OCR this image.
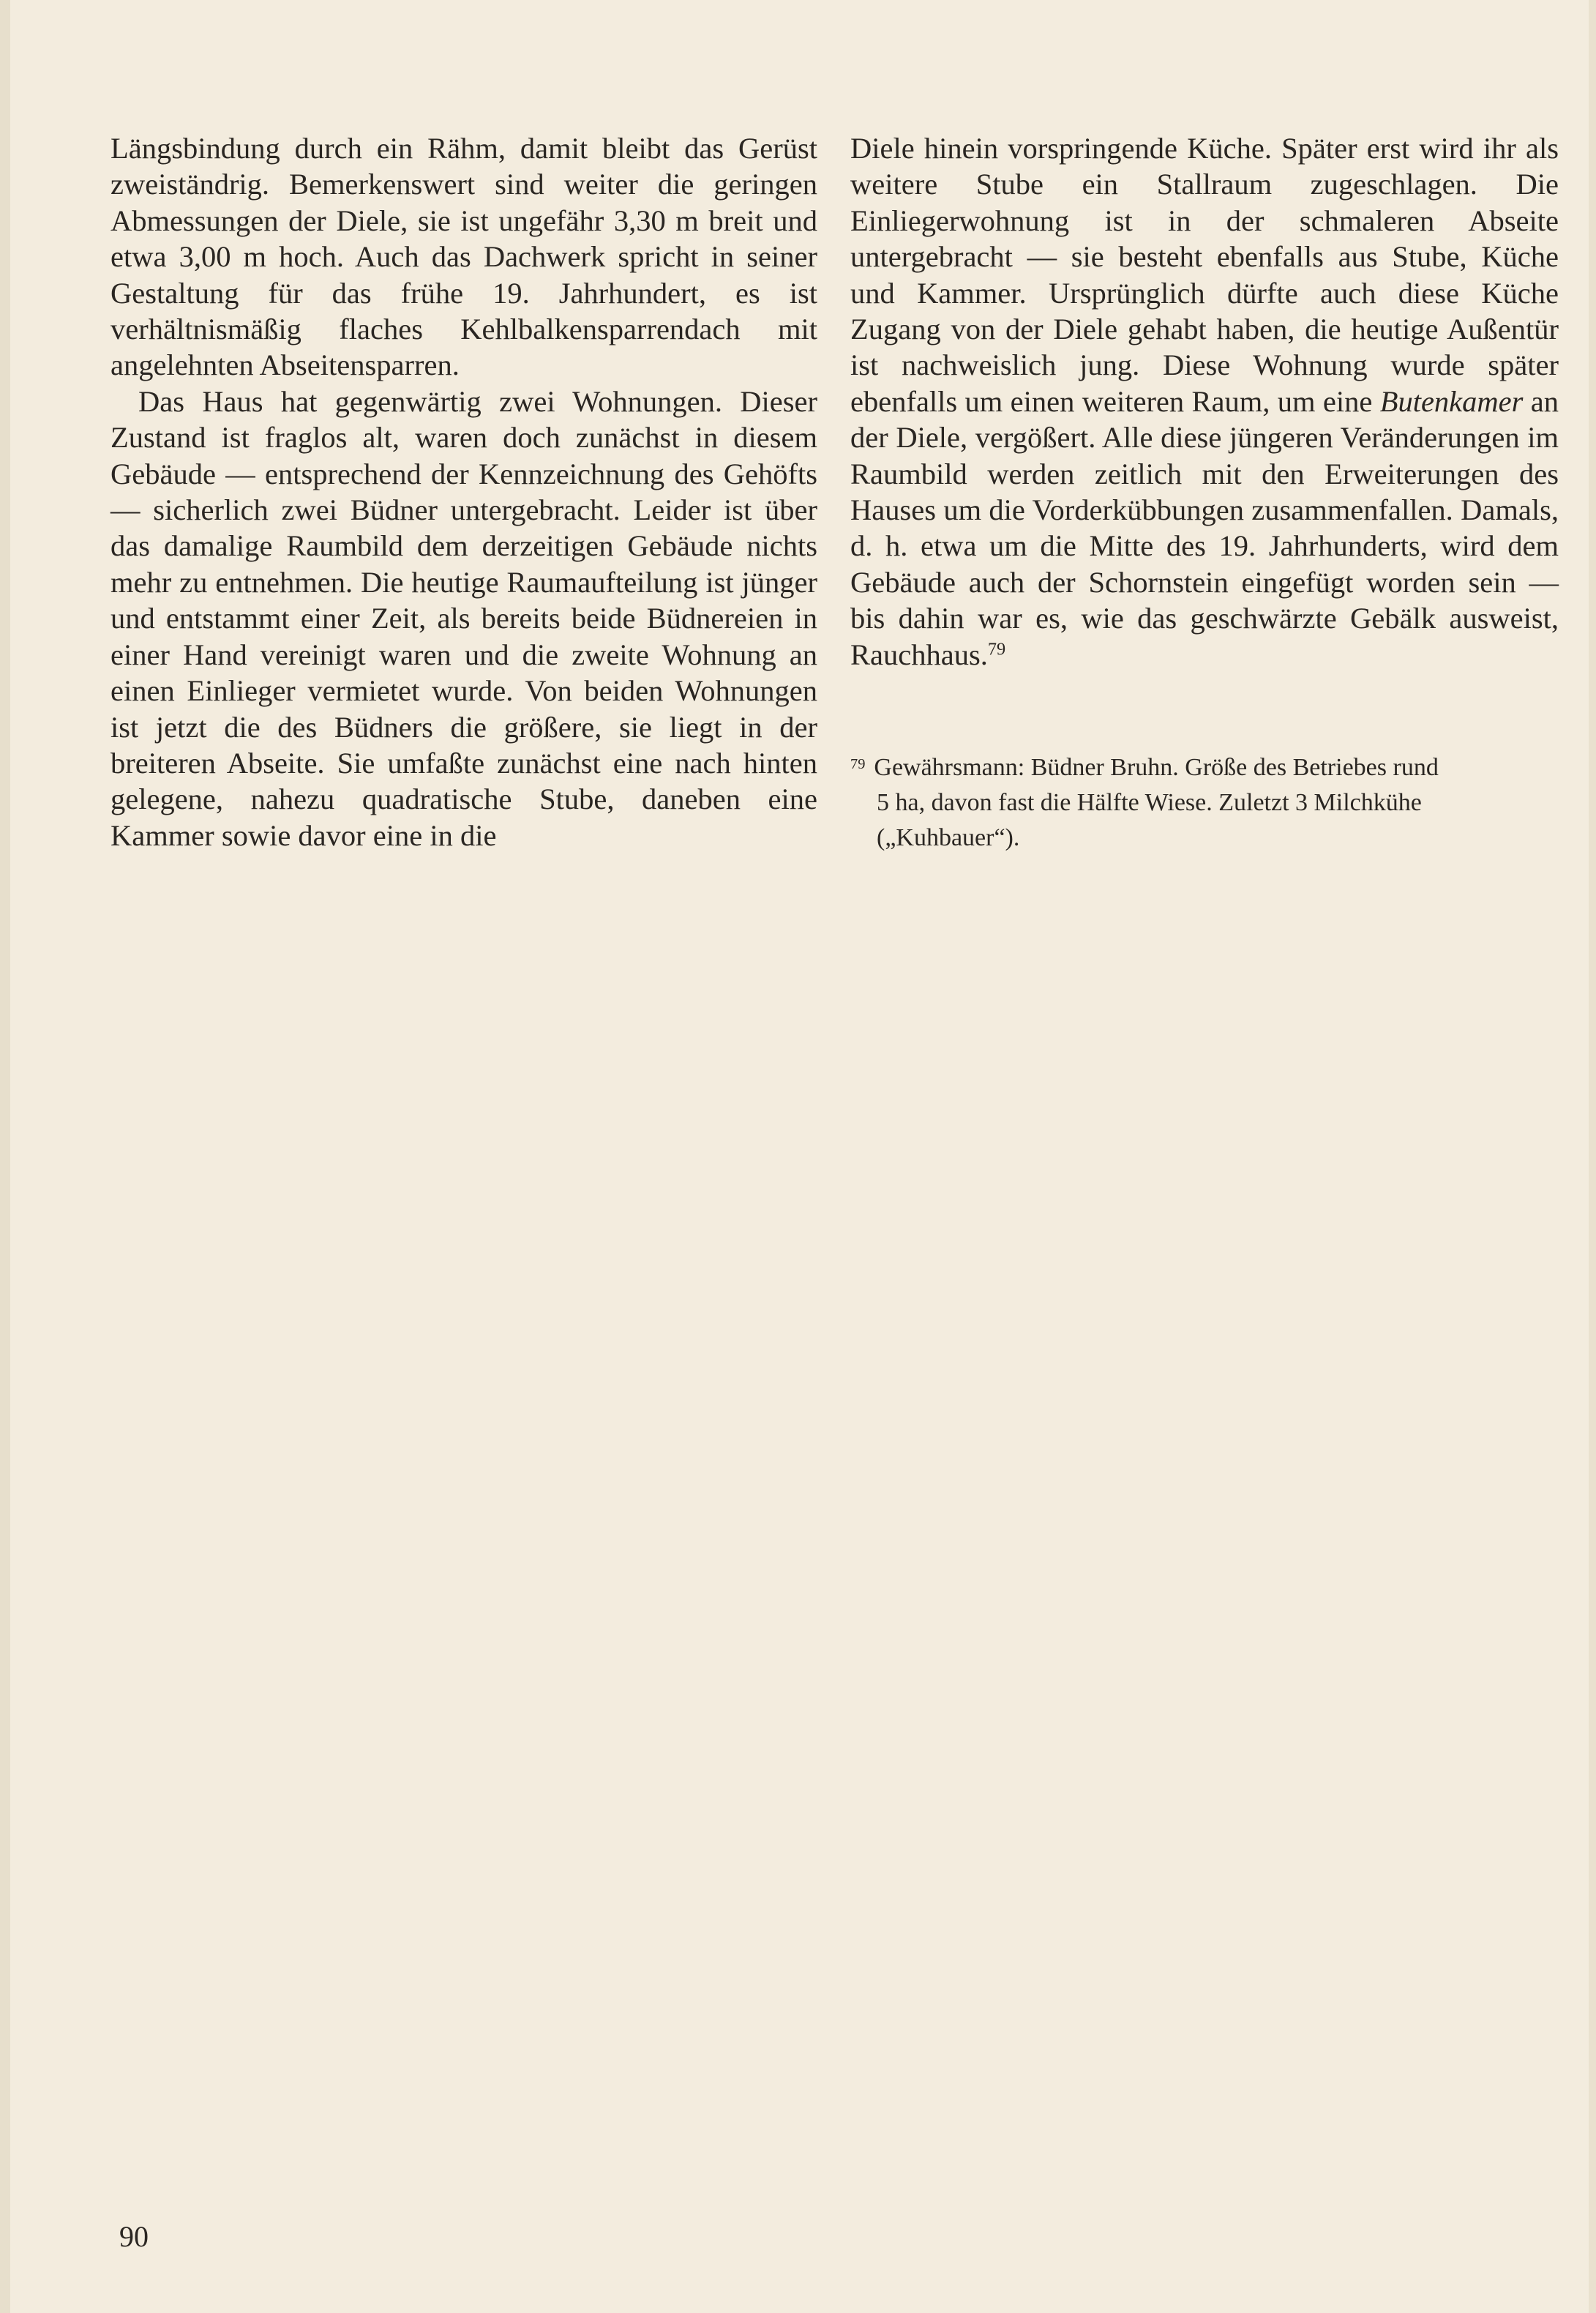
Längsbindung durch ein Rähm, damit bleibt das Gerüst zweiständrig. Bemerkenswert sind weiter die geringen Abmessungen der Diele, sie ist ungefähr 3,30 m breit und etwa 3,00 m hoch. Auch das Dachwerk spricht in seiner Gestaltung für das frühe 19. Jahrhundert, es ist verhältnismäßig flaches Kehlbalkensparrendach mit angelehnten Abseitensparren.

Das Haus hat gegenwärtig zwei Wohnungen. Dieser Zustand ist fraglos alt, waren doch zunächst in diesem Gebäude — entsprechend der Kennzeichnung des Gehöfts — sicherlich zwei Büdner untergebracht. Leider ist über das damalige Raumbild dem derzeitigen Gebäude nichts mehr zu entnehmen. Die heutige Raumaufteilung ist jünger und entstammt einer Zeit, als bereits beide Büdnereien in einer Hand vereinigt waren und die zweite Wohnung an einen Einlieger vermietet wurde. Von beiden Wohnungen ist jetzt die des Büdners die größere, sie liegt in der breiteren Abseite. Sie umfaßte zunächst eine nach hinten gelegene, nahezu quadratische Stube, daneben eine Kammer sowie davor eine in die

Diele hinein vorspringende Küche. Später erst wird ihr als weitere Stube ein Stallraum zugeschlagen. Die Einliegerwohnung ist in der schmaleren Abseite untergebracht — sie besteht ebenfalls aus Stube, Küche und Kammer. Ursprünglich dürfte auch diese Küche Zugang von der Diele gehabt haben, die heutige Außentür ist nachweislich jung. Diese Wohnung wurde später ebenfalls um einen weiteren Raum, um eine Butenkamer an der Diele, vergößert. Alle diese jüngeren Veränderungen im Raumbild werden zeitlich mit den Erweiterungen des Hauses um die Vorderkübbungen zusammenfallen. Damals, d. h. etwa um die Mitte des 19. Jahrhunderts, wird dem Gebäude auch der Schornstein eingefügt worden sein — bis dahin war es, wie das geschwärzte Gebälk ausweist, Rauchhaus.$^{79}$

$^{79}$ Gewährsmann: Büdner Bruhn. Größe des Betriebes rund

5 ha, davon fast die Hälfte Wiese. Zuletzt 3 Milchkühe

(„Kuhbauer“).

90
